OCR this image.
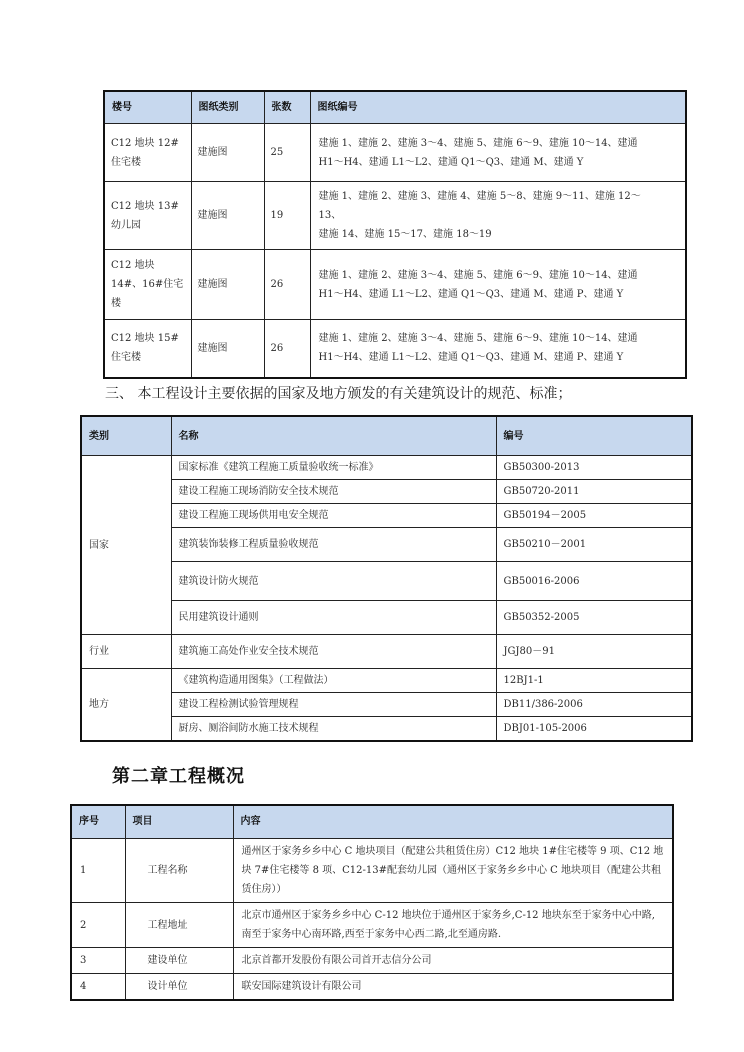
楼号	图纸类别	张数	图纸编号
C12 地块 12#住宅楼	建施图	25	建施 1、建施 2、建施 3～4、建施 5、建施 6～9、建施 10～14、建通
H1～H4、建通 L1～L2、建通 Q1～Q3、建通 M、建通 Y

C12 地块 13#幼儿园	建施图	19	建施 1、建施 2、建施 3、建施 4、建施 5～8、建施 9～11、建施 12～
13、
建施 14、建施 15～17、建施 18～19

C12 地块 14#、16#住宅楼	建施图	26	建施 1、建施 2、建施 3～4、建施 5、建施 6～9、建施 10～14、建通
H1～H4、建通 L1～L2、建通 Q1～Q3、建通 M、建通 P、建通 Y

C12 地块 15#住宅楼	建施图	26	建施 1、建施 2、建施 3～4、建施 5、建施 6～9、建施 10～14、建通
H1～H4、建通 L1～L2、建通 Q1～Q3、建通 M、建通 P、建通 Y
三、 本工程设计主要依据的国家及地方颁发的有关建筑设计的规范、标准；
类别	名称	编号
国家	国家标准《建筑工程施工质量验收统一标准》	GB50300-2013
	建设工程施工现场消防安全技术规范	GB50720-2011
	建设工程施工现场供用电安全规范	GB50194－2005
	建筑装饰装修工程质量验收规范	GB50210－2001
	建筑设计防火规范	GB50016-2006
	民用建筑设计通则	GB50352-2005
行业	建筑施工高处作业安全技术规范	JGJ80－91
地方	《建筑构造通用图集》（工程做法）	12BJ1-1
	建设工程检测试验管理规程	DB11/386-2006
	厨房、厕浴间防水施工技术规程	DBJ01-105-2006
第二章工程概况
序号	项目	内容
1	工程名称	通州区于家务乡乡中心 C 地块项目（配建公共租赁住房）C12 地块 1#住宅楼等 9 项、C12 地块 7#住宅楼等 8 项、C12-13#配套幼儿园（通州区于家务乡乡中心 C 地块项目（配建公共租赁住房））
2	工程地址	北京市通州区于家务乡乡中心 C-12 地块位于通州区于家务乡,C-12 地块东至于家务中心中路,南至于家务中心南环路,西至于家务中心西二路,北至通房路.
3	建设单位	北京首都开发股份有限公司首开志信分公司
4	设计单位	联安国际建筑设计有限公司
